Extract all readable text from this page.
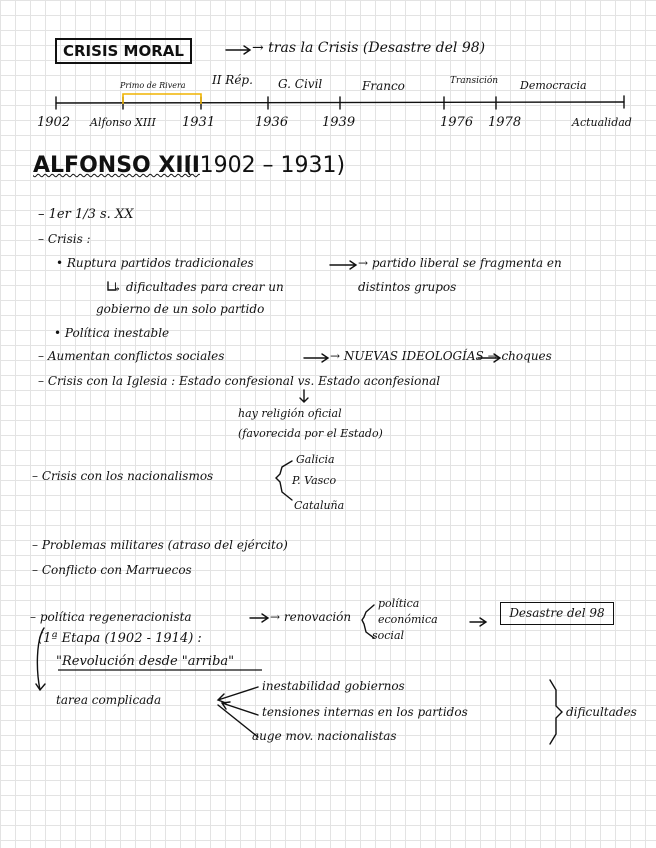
CRISIS MORAL	→ tras la Crisis (Desastre del 98)
Primo de Rivera II Rép. G. Civil	Franco	Transición Democracia
1902 Alfonso XIII 1931	1936	1939	1976 1978	Actualidad
ALFONSO XIII
( 1902 – 1931)
– 1er 1/3 s. XX
– Crisis :
• Ruptura partidos tradicionales	→ partido liberal se fragmenta en
↳ dificultades para crear un	distintos grupos
gobierno de un solo partido
• Política inestable
– Aumentan conflictos sociales	→ NUEVAS IDEOLOGÍAS → choques
– Crisis con la Iglesia : Estado confesional vs. Estado aconfesional
hay religión oficial
(favorecida por el Estado)
– Crisis con los nacionalismos
Galicia
P. Vasco
Cataluña
– Problemas militares (atraso del ejército)
– Conflicto con Marruecos
– política regeneracionista	→ renovación
política
económica
social
Desastre del 98
(1ª Etapa (1902 - 1914) :
"Revolución desde "arriba"
tarea complicada
inestabilidad gobiernos
tensiones internas en los partidos
auge mov. nacionalistas
dificultades
